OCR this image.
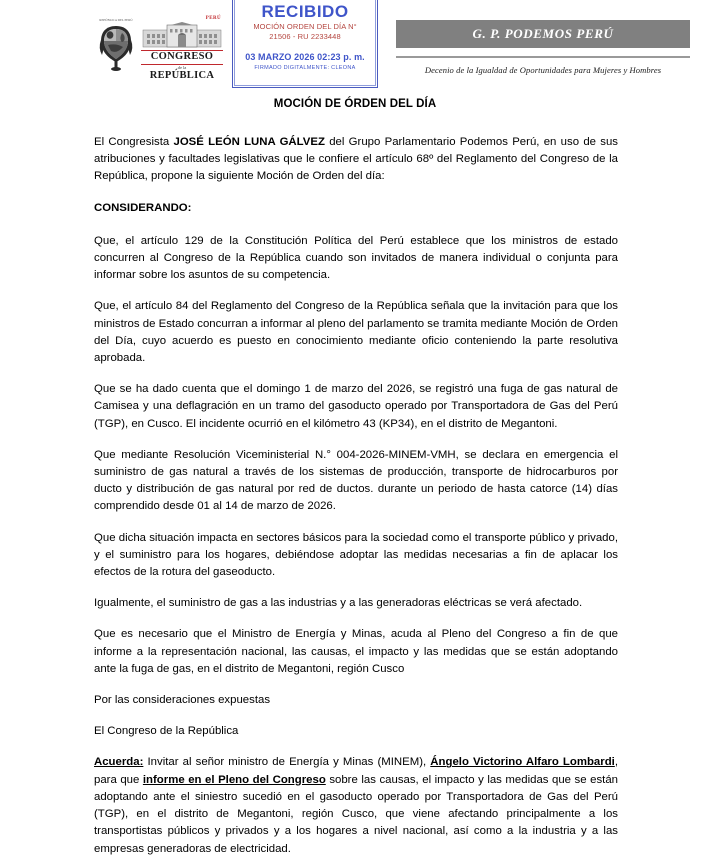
REPÚBLICA DEL PERÚ	PERÚ
CONGRESO
de la
REPÚBLICA
RECIBIDO
MOCIÓN ORDEN DEL DÍA N°
21506 - RU 2233448
03 MARZO 2026 02:23 p. m.
FIRMADO DIGITALMENTE: CLEONA
G. P. PODEMOS PERÚ
Decenio de la Igualdad de Oportunidades para Mujeres y Hombres
MOCIÓN DE ÓRDEN DEL DÍA

El Congresista JOSÉ LEÓN LUNA GÁLVEZ del Grupo Parlamentario Podemos Perú, en uso de sus atribuciones y facultades legislativas que le confiere el artículo 68º del Reglamento del Congreso de la República, propone la siguiente Moción de Orden del día:

CONSIDERANDO:

Que, el artículo 129 de la Constitución Política del Perú establece que los ministros de estado concurren al Congreso de la República cuando son invitados de manera individual o conjunta para informar sobre los asuntos de su competencia.

Que, el artículo 84 del Reglamento del Congreso de la República señala que la invitación para que los ministros de Estado concurran a informar al pleno del parlamento se tramita mediante Moción de Orden del Día, cuyo acuerdo es puesto en conocimiento mediante oficio conteniendo la parte resolutiva aprobada.

Que se ha dado cuenta que el domingo 1 de marzo del 2026, se registró una fuga de gas natural de Camisea y una deflagración en un tramo del gasoducto operado por Transportadora de Gas del Perú (TGP), en Cusco. El incidente ocurrió en el kilómetro 43 (KP34), en el distrito de Megantoni.

Que mediante Resolución Viceministerial N.° 004-2026-MINEM-VMH, se declara en emergencia el suministro de gas natural a través de los sistemas de producción, transporte de hidrocarburos por ducto y distribución de gas natural por red de ductos. durante un periodo de hasta catorce (14) días comprendido desde 01 al 14 de marzo de 2026.

Que dicha situación impacta en sectores básicos para la sociedad como el transporte público y privado, y el suministro para los hogares, debiéndose adoptar las medidas necesarias a fin de aplacar los efectos de la rotura del gaseoducto.

Igualmente, el suministro de gas a las industrias y a las generadoras eléctricas se verá afectado.

Que es necesario que el Ministro de Energía y Minas, acuda al Pleno del Congreso a fin de que informe a la representación nacional, las causas, el impacto y las medidas que se están adoptando ante la fuga de gas, en el distrito de Megantoni, región Cusco

Por las consideraciones expuestas

El Congreso de la República

Acuerda: Invitar al señor ministro de Energía y Minas (MINEM), Ángelo Victorino Alfaro Lombardi, para que informe en el Pleno del Congreso sobre las causas, el impacto y las medidas que se están adoptando ante el siniestro sucedió en el gasoducto operado por Transportadora de Gas del Perú (TGP), en el distrito de Megantoni, región Cusco, que viene afectando principalmente a los transportistas públicos y privados y a los hogares a nivel nacional, así como a la industria y a las empresas generadoras de electricidad.
